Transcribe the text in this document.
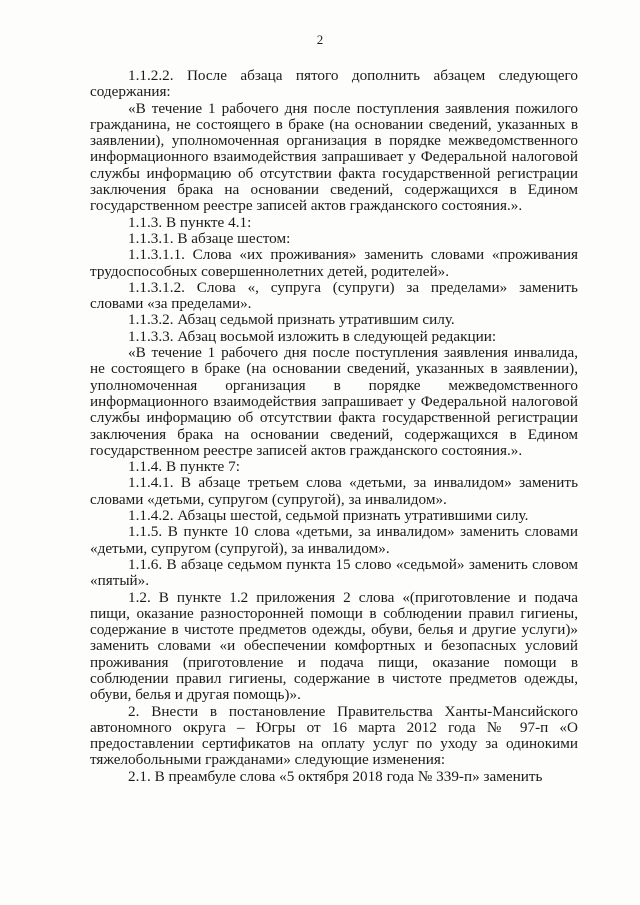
2

1.1.2.2. После абзаца пятого дополнить абзацем следующего содержания:

«В течение 1 рабочего дня после поступления заявления пожилого гражданина, не состоящего в браке (на основании сведений, указанных в заявлении), уполномоченная организация в порядке межведомственного информационного взаимодействия запрашивает у Федеральной налоговой службы информацию об отсутствии факта государственной регистрации заключения брака на основании сведений, содержащихся в Едином государственном реестре записей актов гражданского состояния.».

1.1.3. В пункте 4.1:

1.1.3.1. В абзаце шестом:

1.1.3.1.1. Слова «их проживания» заменить словами «проживания трудоспособных совершеннолетних детей, родителей».

1.1.3.1.2. Слова «, супруга (супруги) за пределами» заменить словами «за пределами».

1.1.3.2. Абзац седьмой признать утратившим силу.

1.1.3.3. Абзац восьмой изложить в следующей редакции:

«В течение 1 рабочего дня после поступления заявления инвалида, не состоящего в браке (на основании сведений, указанных в заявлении), уполномоченная организация в порядке межведомственного информационного взаимодействия запрашивает у Федеральной налоговой службы информацию об отсутствии факта государственной регистрации заключения брака на основании сведений, содержащихся в Едином государственном реестре записей актов гражданского состояния.».

1.1.4. В пункте 7:

1.1.4.1. В абзаце третьем слова «детьми, за инвалидом» заменить словами «детьми, супругом (супругой), за инвалидом».

1.1.4.2. Абзацы шестой, седьмой признать утратившими силу.

1.1.5. В пункте 10 слова «детьми, за инвалидом» заменить словами «детьми, супругом (супругой), за инвалидом».

1.1.6. В абзаце седьмом пункта 15 слово «седьмой» заменить словом «пятый».

1.2. В пункте 1.2 приложения 2 слова «(приготовление и подача пищи, оказание разносторонней помощи в соблюдении правил гигиены, содержание в чистоте предметов одежды, обуви, белья и другие услуги)» заменить словами «и обеспечении комфортных и безопасных условий проживания (приготовление и подача пищи, оказание помощи в соблюдении правил гигиены, содержание в чистоте предметов одежды, обуви, белья и другая помощь)».

2. Внести в постановление Правительства Ханты-Мансийского автономного округа – Югры от 16 марта 2012 года № 97-п «О предоставлении сертификатов на оплату услуг по уходу за одинокими тяжелобольными гражданами» следующие изменения:

2.1. В преамбуле слова «5 октября 2018 года № 339-п» заменить
